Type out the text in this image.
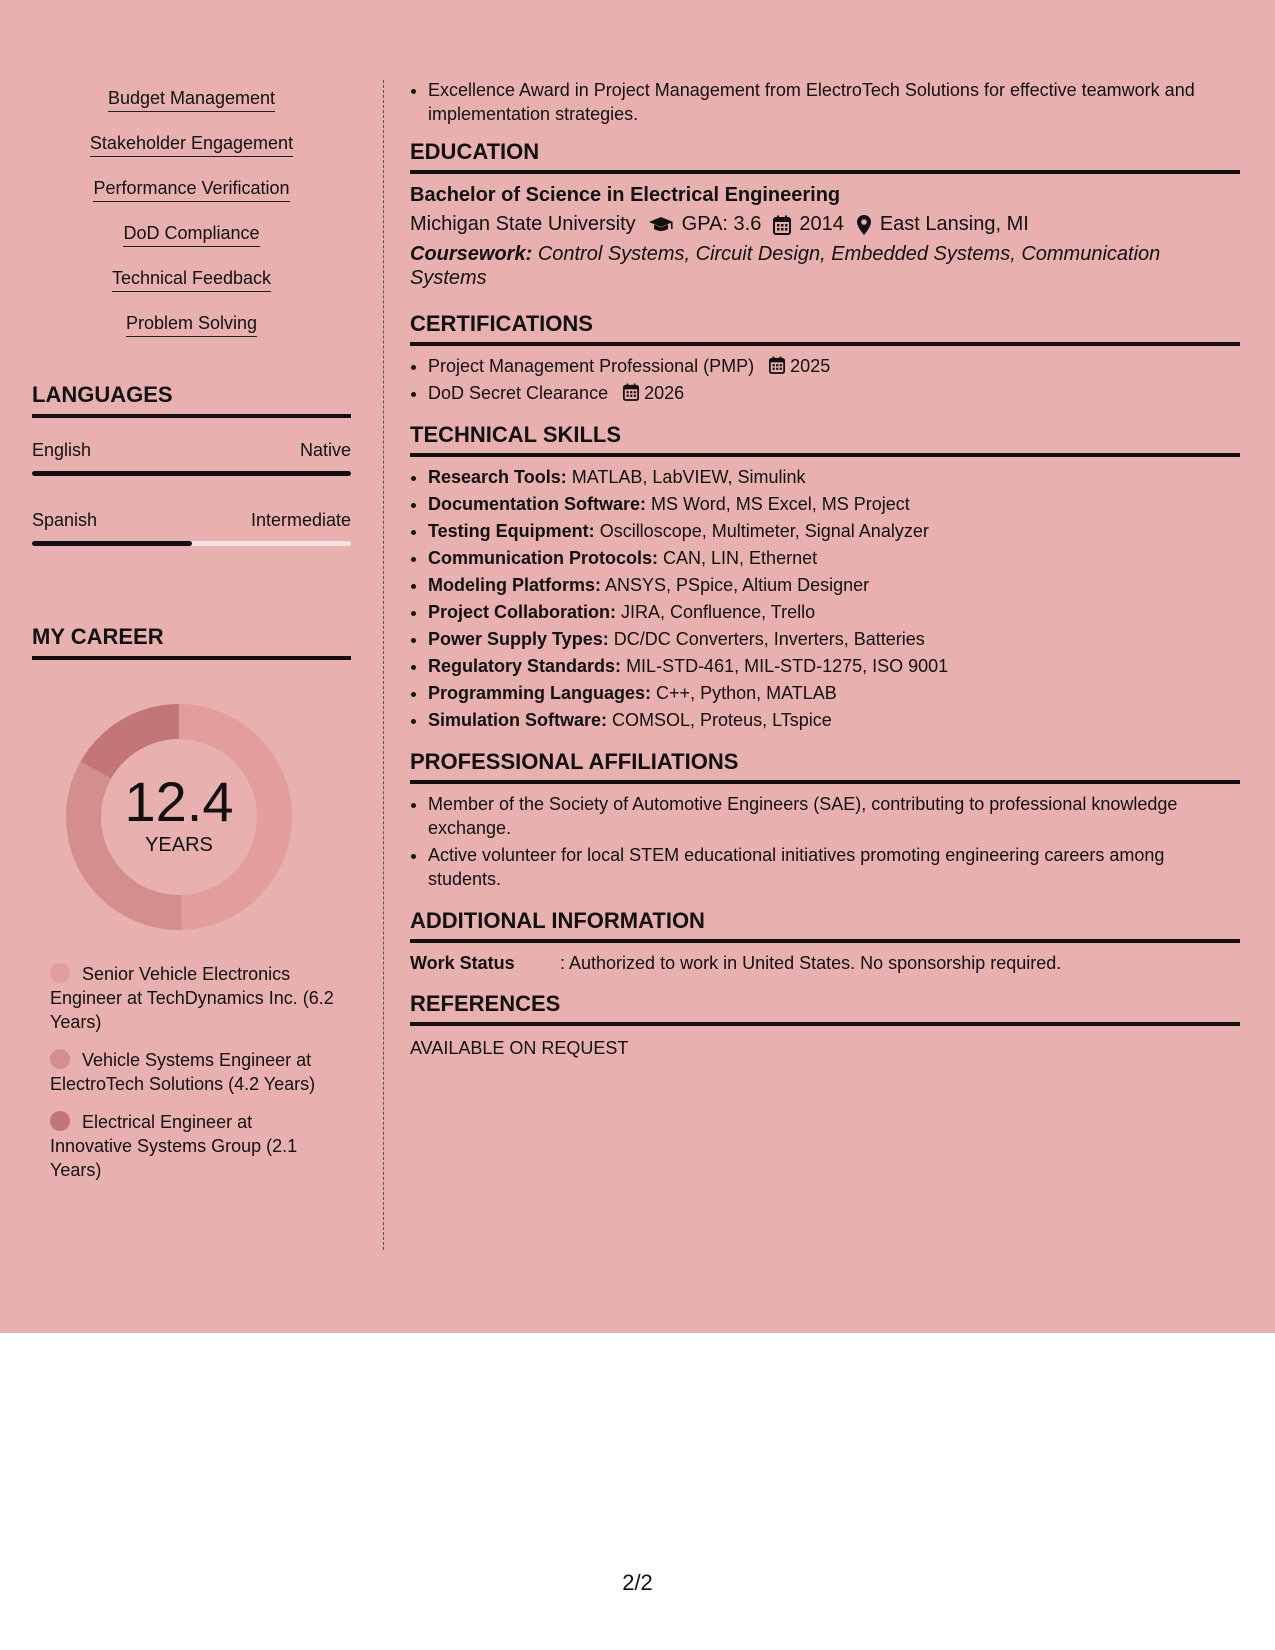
Budget Management
Stakeholder Engagement
Performance Verification
DoD Compliance
Technical Feedback
Problem Solving
LANGUAGES
English	Native
Spanish	Intermediate
MY CAREER
12.4
YEARS
Senior Vehicle Electronics Engineer at TechDynamics Inc. (6.2 Years)
Vehicle Systems Engineer at ElectroTech Solutions (4.2 Years)
Electrical Engineer at Innovative Systems Group (2.1 Years)
• Excellence Award in Project Management from ElectroTech Solutions for effective teamwork and implementation strategies.
EDUCATION
Bachelor of Science in Electrical Engineering
Michigan State University GPA: 3.6 2014 East Lansing, MI
Coursework: Control Systems, Circuit Design, Embedded Systems, Communication Systems
CERTIFICATIONS
• Project Management Professional (PMP) 2025
• DoD Secret Clearance 2026
TECHNICAL SKILLS
• Research Tools: MATLAB, LabVIEW, Simulink
• Documentation Software: MS Word, MS Excel, MS Project
• Testing Equipment: Oscilloscope, Multimeter, Signal Analyzer
• Communication Protocols: CAN, LIN, Ethernet
• Modeling Platforms: ANSYS, PSpice, Altium Designer
• Project Collaboration: JIRA, Confluence, Trello
• Power Supply Types: DC/DC Converters, Inverters, Batteries
• Regulatory Standards: MIL-STD-461, MIL-STD-1275, ISO 9001
• Programming Languages: C++, Python, MATLAB
• Simulation Software: COMSOL, Proteus, LTspice
PROFESSIONAL AFFILIATIONS
• Member of the Society of Automotive Engineers (SAE), contributing to professional knowledge exchange.
• Active volunteer for local STEM educational initiatives promoting engineering careers among students.
ADDITIONAL INFORMATION
Work Status	: Authorized to work in United States. No sponsorship required.
REFERENCES
AVAILABLE ON REQUEST
2/2
